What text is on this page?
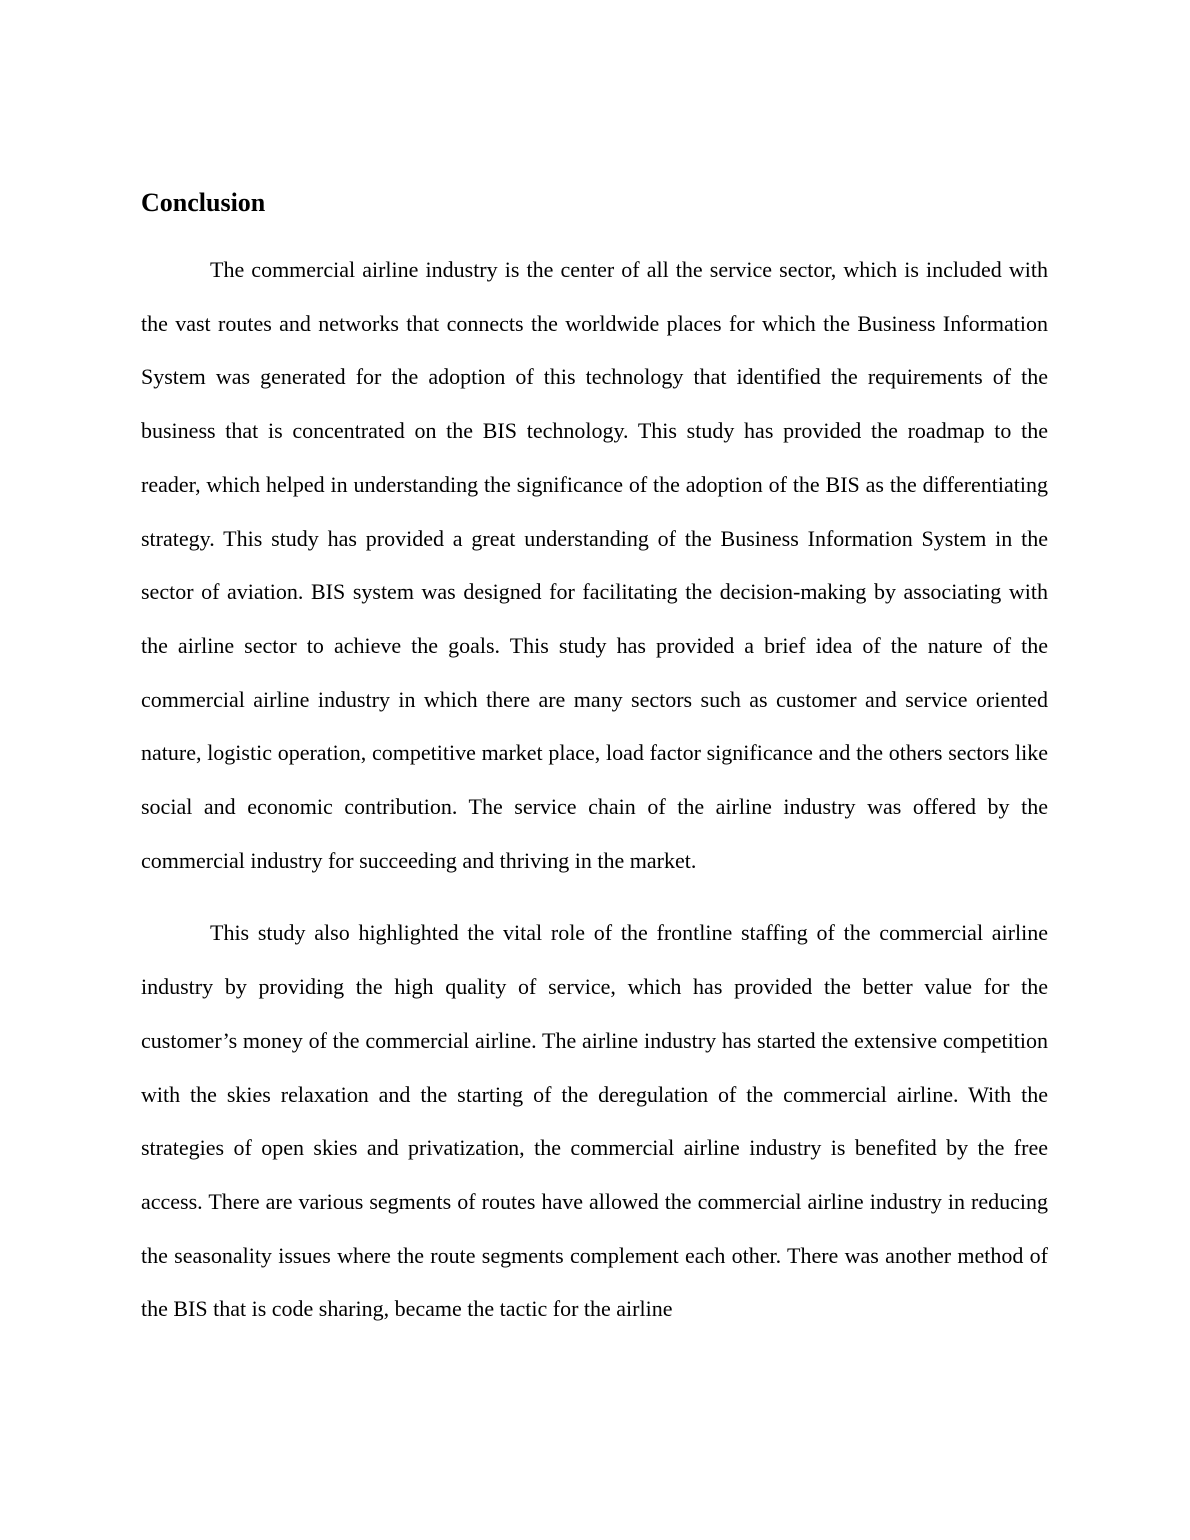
Conclusion

The commercial airline industry is the center of all the service sector, which is included with the vast routes and networks that connects the worldwide places for which the Business Information System was generated for the adoption of this technology that identified the requirements of the business that is concentrated on the BIS technology. This study has provided the roadmap to the reader, which helped in understanding the significance of the adoption of the BIS as the differentiating strategy. This study has provided a great understanding of the Business Information System in the sector of aviation. BIS system was designed for facilitating the decision-making by associating with the airline sector to achieve the goals. This study has provided a brief idea of the nature of the commercial airline industry in which there are many sectors such as customer and service oriented nature, logistic operation, competitive market place, load factor significance and the others sectors like social and economic contribution. The service chain of the airline industry was offered by the commercial industry for succeeding and thriving in the market.

This study also highlighted the vital role of the frontline staffing of the commercial airline industry by providing the high quality of service, which has provided the better value for the customer’s money of the commercial airline. The airline industry has started the extensive competition with the skies relaxation and the starting of the deregulation of the commercial airline. With the strategies of open skies and privatization, the commercial airline industry is benefited by the free access. There are various segments of routes have allowed the commercial airline industry in reducing the seasonality issues where the route segments complement each other. There was another method of the BIS that is code sharing, became the tactic for the airline
